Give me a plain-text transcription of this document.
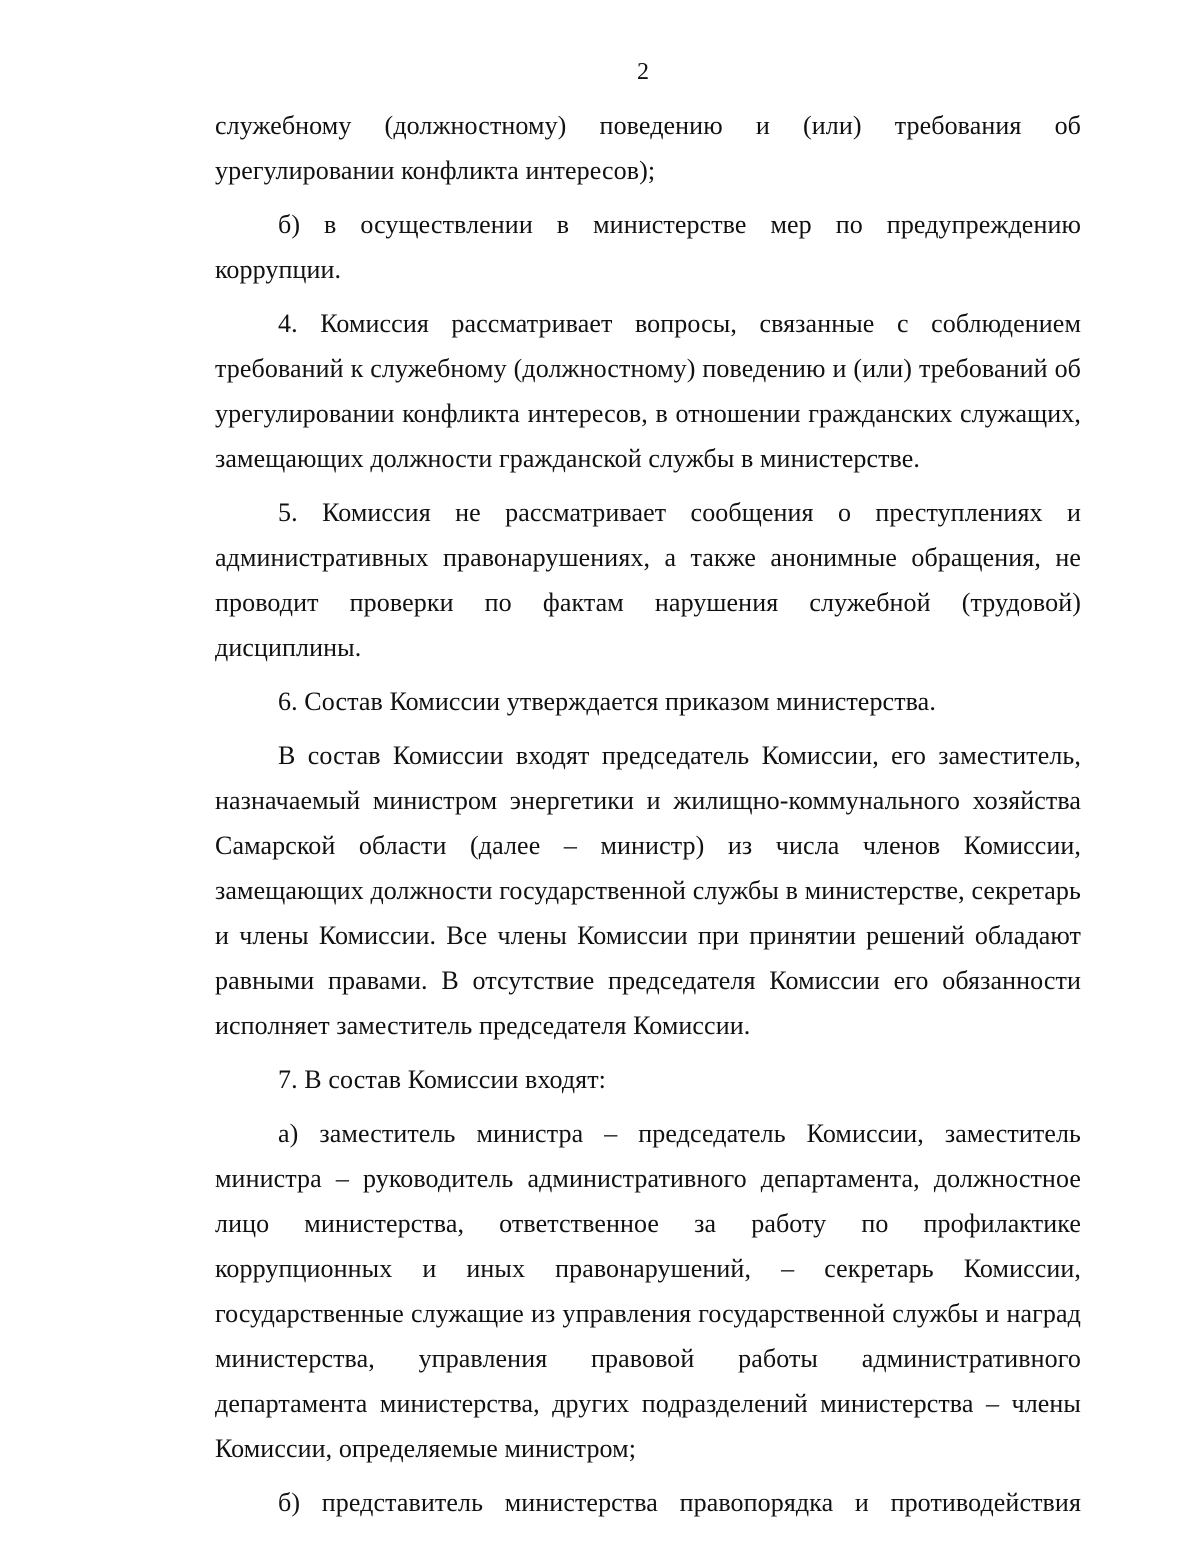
2

служебному (должностному) поведению и (или) требования об урегулировании конфликта интересов);

б) в осуществлении в министерстве мер по предупреждению коррупции.

4. Комиссия рассматривает вопросы, связанные с соблюдением требований к служебному (должностному) поведению и (или) требований об урегулировании конфликта интересов, в отношении гражданских служащих, замещающих должности гражданской службы в министерстве.

5. Комиссия не рассматривает сообщения о преступлениях и административных правонарушениях, а также анонимные обращения, не проводит проверки по фактам нарушения служебной (трудовой) дисциплины.

6. Состав Комиссии утверждается приказом министерства.

В состав Комиссии входят председатель Комиссии, его заместитель, назначаемый министром энергетики и жилищно-коммунального хозяйства Самарской области (далее – министр) из числа членов Комиссии, замещающих должности государственной службы в министерстве, секретарь и члены Комиссии. Все члены Комиссии при принятии решений обладают равными правами. В отсутствие председателя Комиссии его обязанности исполняет заместитель председателя Комиссии.

7. В состав Комиссии входят:

а) заместитель министра – председатель Комиссии, заместитель министра – руководитель административного департамента, должностное лицо министерства, ответственное за работу по профилактике коррупционных и иных правонарушений, – секретарь Комиссии, государственные служащие из управления государственной службы и наград министерства, управления правовой работы административного департамента министерства, других подразделений министерства – члены Комиссии, определяемые министром;

б) представитель министерства правопорядка и противодействия
